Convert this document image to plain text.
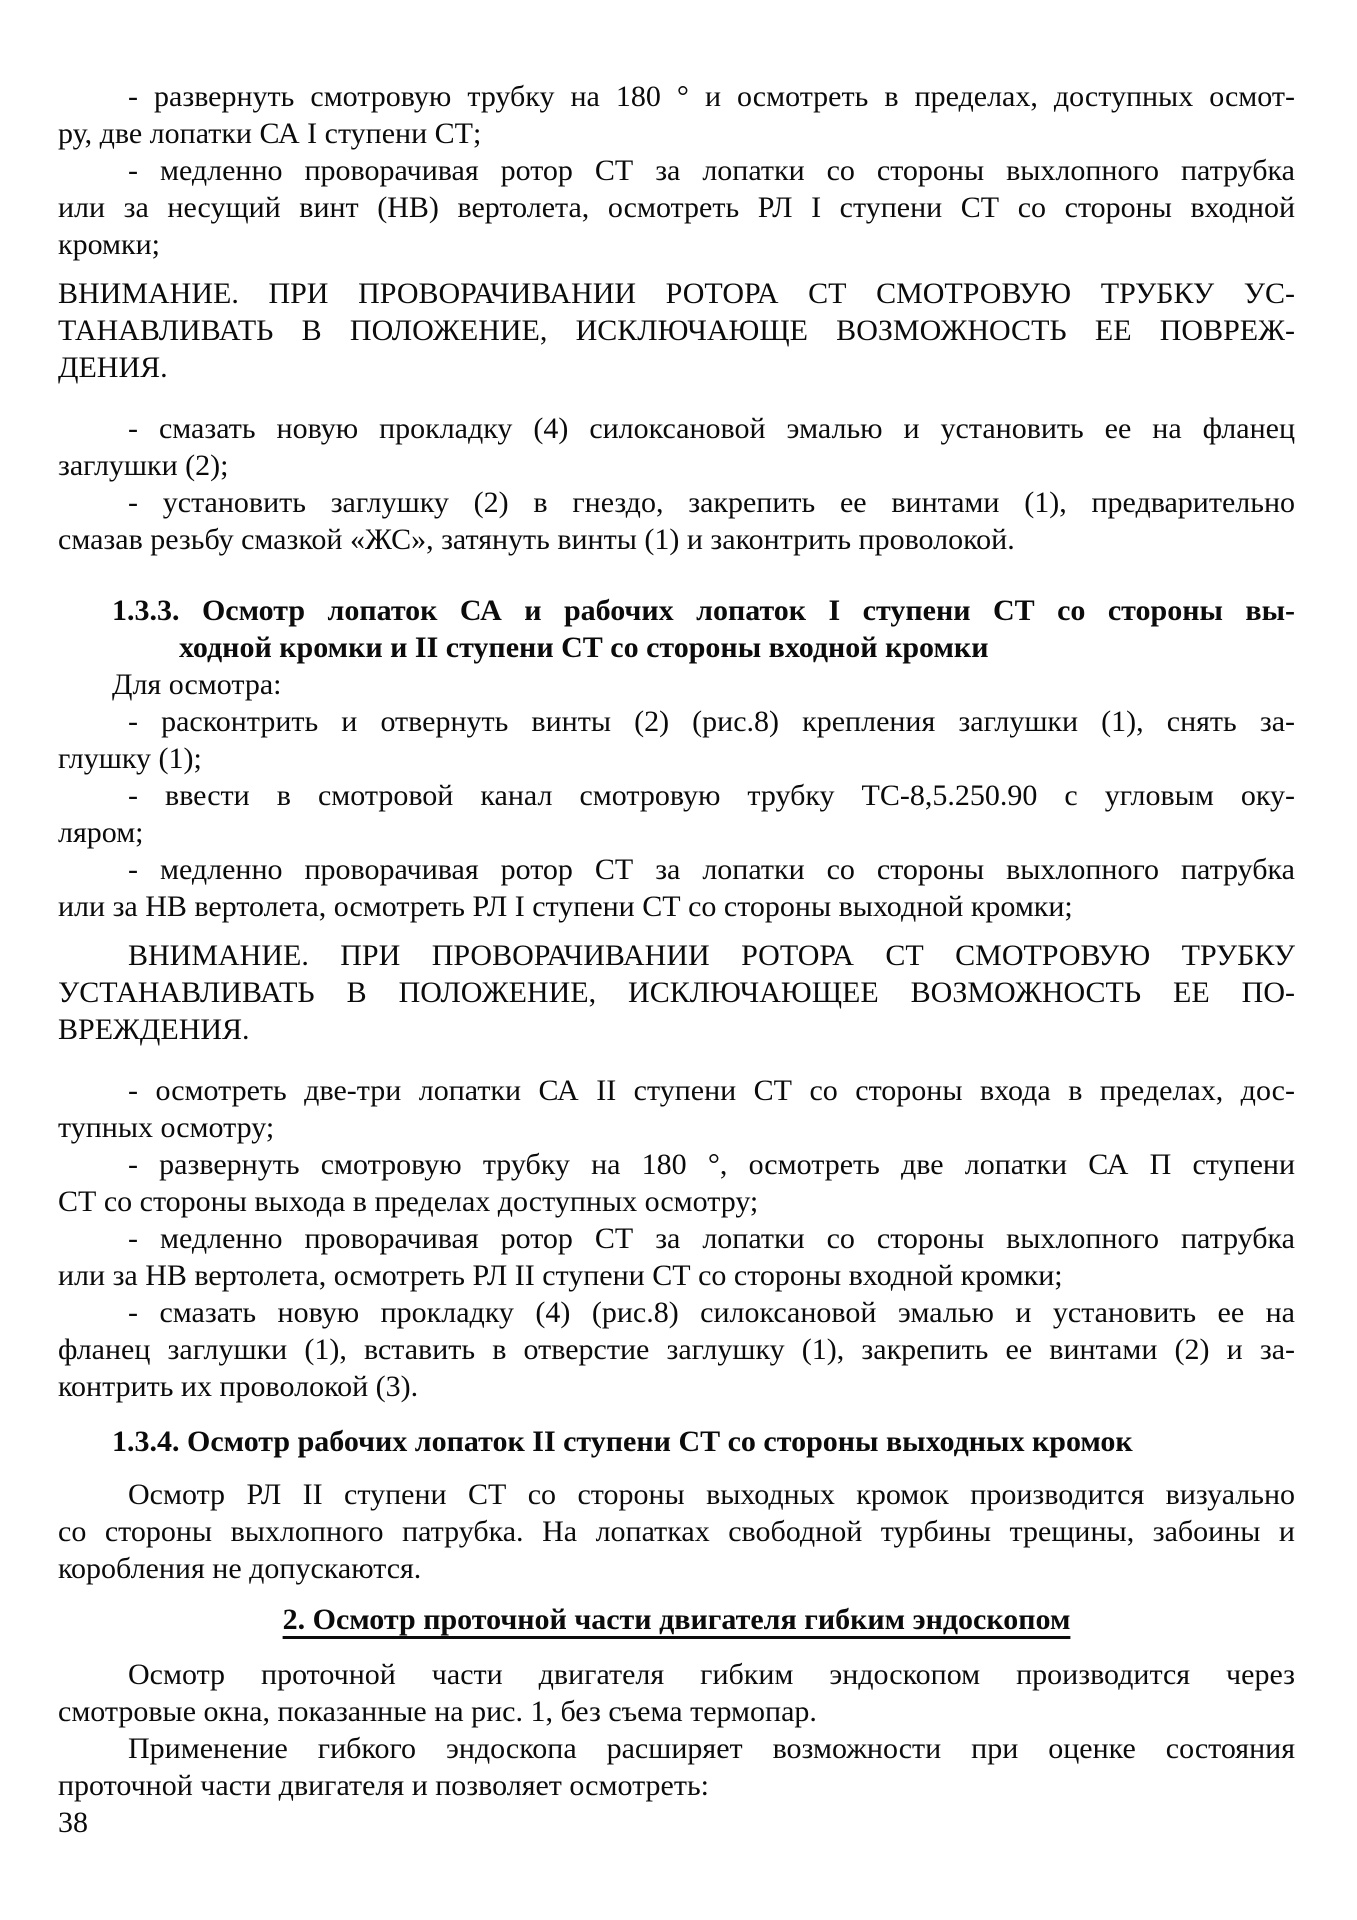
- развернуть смотровую трубку на 180 ° и осмотреть в пределах, доступных осмот-
ру, две лопатки СА I ступени СТ;
- медленно проворачивая ротор СТ за лопатки со стороны выхлопного патрубка
или за несущий винт (НВ) вертолета, осмотреть РЛ I ступени СТ со стороны входной
кромки;
ВНИМАНИЕ. ПРИ ПРОВОРАЧИВАНИИ РОТОРА СТ СМОТРОВУЮ ТРУБКУ УС-
ТАНАВЛИВАТЬ В ПОЛОЖЕНИЕ, ИСКЛЮЧАЮЩЕ ВОЗМОЖНОСТЬ ЕЕ ПОВРЕЖ-
ДЕНИЯ.
- смазать новую прокладку (4) силоксановой эмалью и установить ее на фланец
заглушки (2);
- установить заглушку (2) в гнездо, закрепить ее винтами (1), предварительно
смазав резьбу смазкой «ЖС», затянуть винты (1) и законтрить проволокой.
1.3.3. Осмотр лопаток СА и рабочих лопаток I ступени СТ со стороны вы-
ходной кромки и II ступени СТ со стороны входной кромки
Для осмотра:
- расконтрить и отвернуть винты (2) (рис.8) крепления заглушки (1), снять за-
глушку (1);
- ввести в смотровой канал смотровую трубку ТС-8,5.250.90 с угловым оку-
ляром;
- медленно проворачивая ротор СТ за лопатки со стороны выхлопного патрубка
или за НВ вертолета, осмотреть РЛ I ступени СТ со стороны выходной кромки;
ВНИМАНИЕ. ПРИ ПРОВОРАЧИВАНИИ РОТОРА СТ СМОТРОВУЮ ТРУБКУ
УСТАНАВЛИВАТЬ В ПОЛОЖЕНИЕ, ИСКЛЮЧАЮЩЕЕ ВОЗМОЖНОСТЬ ЕЕ ПО-
ВРЕЖДЕНИЯ.
- осмотреть две-три лопатки СА II ступени СТ со стороны входа в пределах, дос-
тупных осмотру;
- развернуть смотровую трубку на 180 °, осмотреть две лопатки СА П ступени
СТ со стороны выхода в пределах доступных осмотру;
- медленно проворачивая ротор СТ за лопатки со стороны выхлопного патрубка
или за НВ вертолета, осмотреть РЛ II ступени СТ со стороны входной кромки;
- смазать новую прокладку (4) (рис.8) силоксановой эмалью и установить ее на
фланец заглушки (1), вставить в отверстие заглушку (1), закрепить ее винтами (2) и за-
контрить их проволокой (3).
1.3.4. Осмотр рабочих лопаток II ступени СТ со стороны выходных кромок
Осмотр РЛ II ступени СТ со стороны выходных кромок производится визуально
со стороны выхлопного патрубка. На лопатках свободной турбины трещины, забоины и
коробления не допускаются.
2. Осмотр проточной части двигателя гибким эндоскопом
Осмотр проточной части двигателя гибким эндоскопом производится через
смотровые окна, показанные на рис. 1, без съема термопар.
Применение гибкого эндоскопа расширяет возможности при оценке состояния
проточной части двигателя и позволяет осмотреть:
38
